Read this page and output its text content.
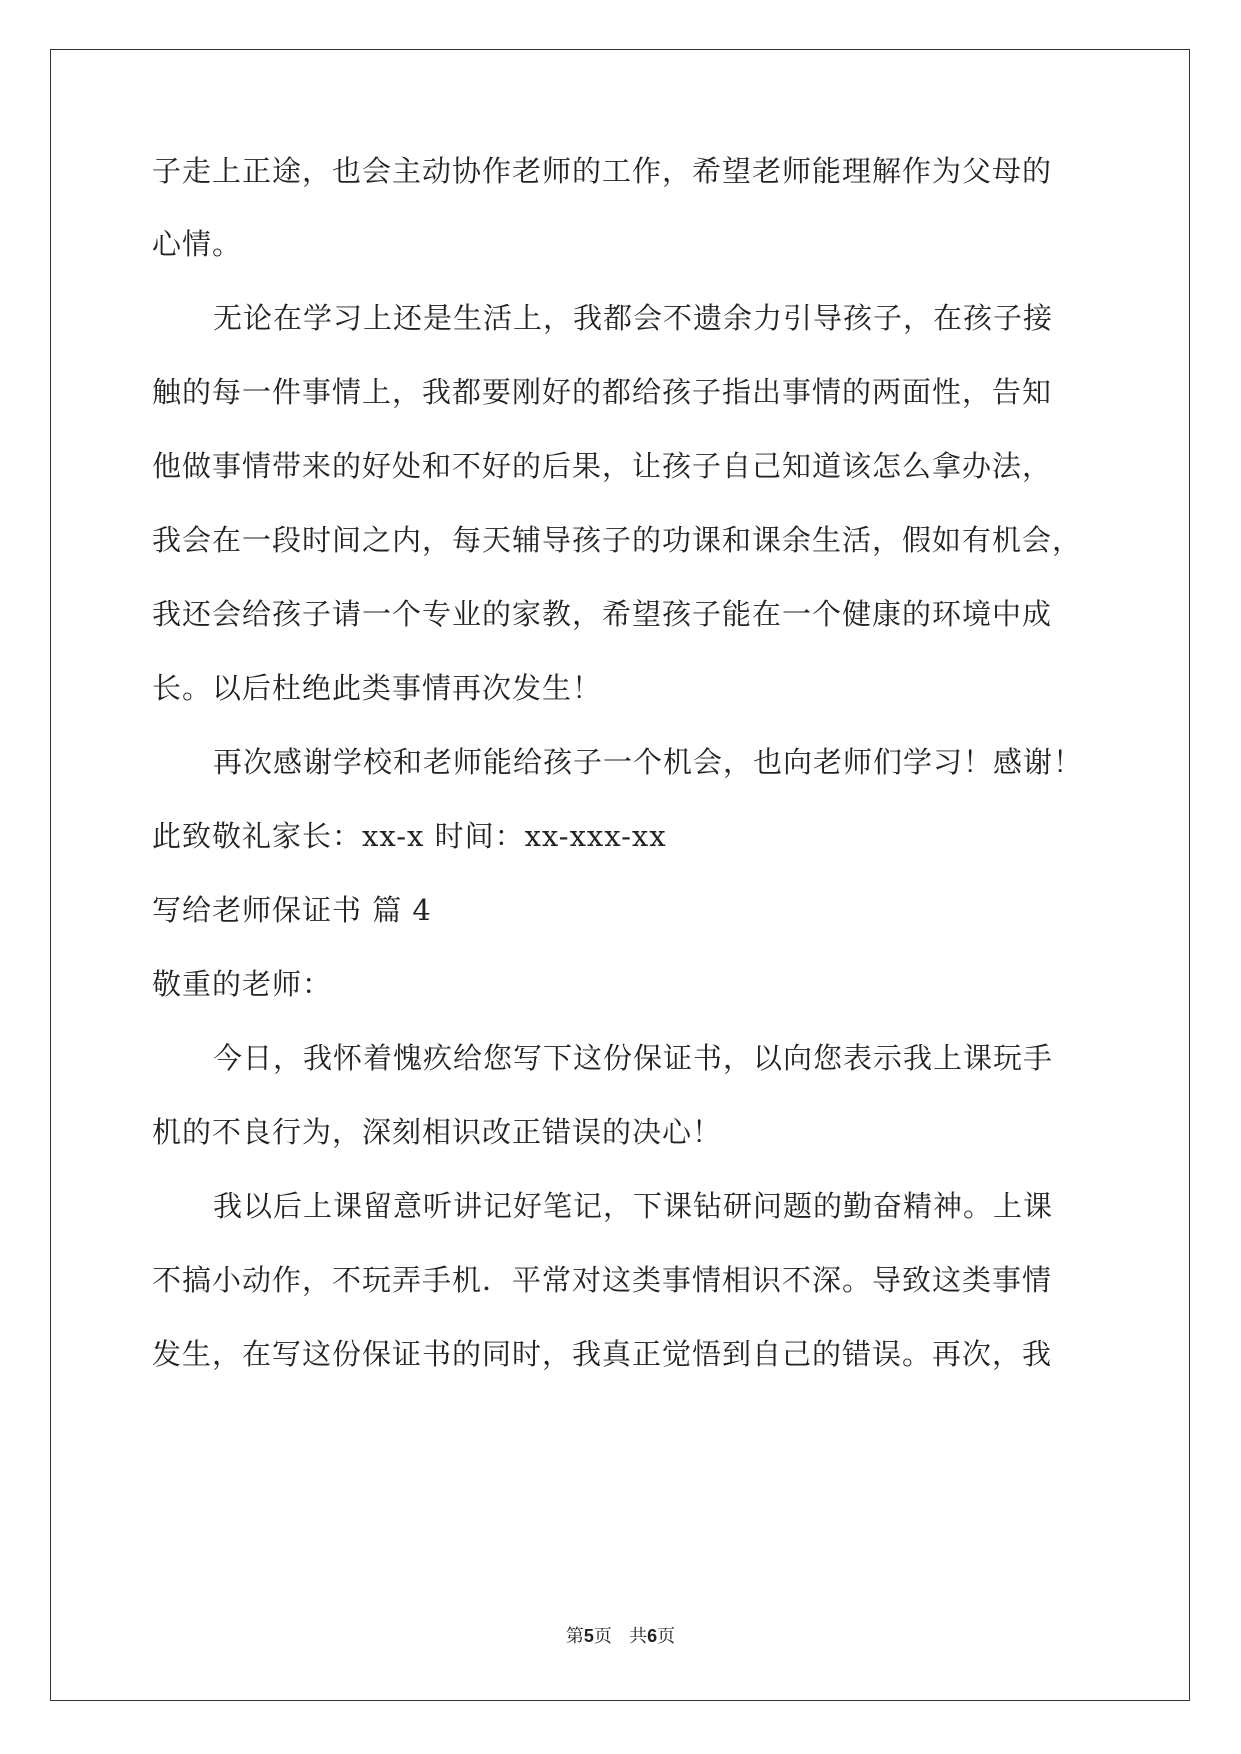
子走上正途，也会主动协作老师的工作，希望老师能理解作为父母的
心情。
无论在学习上还是生活上，我都会不遗余力引导孩子，在孩子接
触的每一件事情上，我都要刚好的都给孩子指出事情的两面性，告知
他做事情带来的好处和不好的后果，让孩子自己知道该怎么拿办法，
我会在一段时间之内，每天辅导孩子的功课和课余生活，假如有机会，
我还会给孩子请一个专业的家教，希望孩子能在一个健康的环境中成
长。以后杜绝此类事情再次发生！
再次感谢学校和老师能给孩子一个机会，也向老师们学习！感谢！
此致敬礼家长：xx-x 时间：xx-xxx-xx
写给老师保证书 篇 4
敬重的老师：
今日，我怀着愧疚给您写下这份保证书，以向您表示我上课玩手
机的不良行为，深刻相识改正错误的决心！
我以后上课留意听讲记好笔记，下课钻研问题的勤奋精神。上课
不搞小动作，不玩弄手机．平常对这类事情相识不深。导致这类事情
发生，在写这份保证书的同时，我真正觉悟到自己的错误。再次，我
第5页   共6页
